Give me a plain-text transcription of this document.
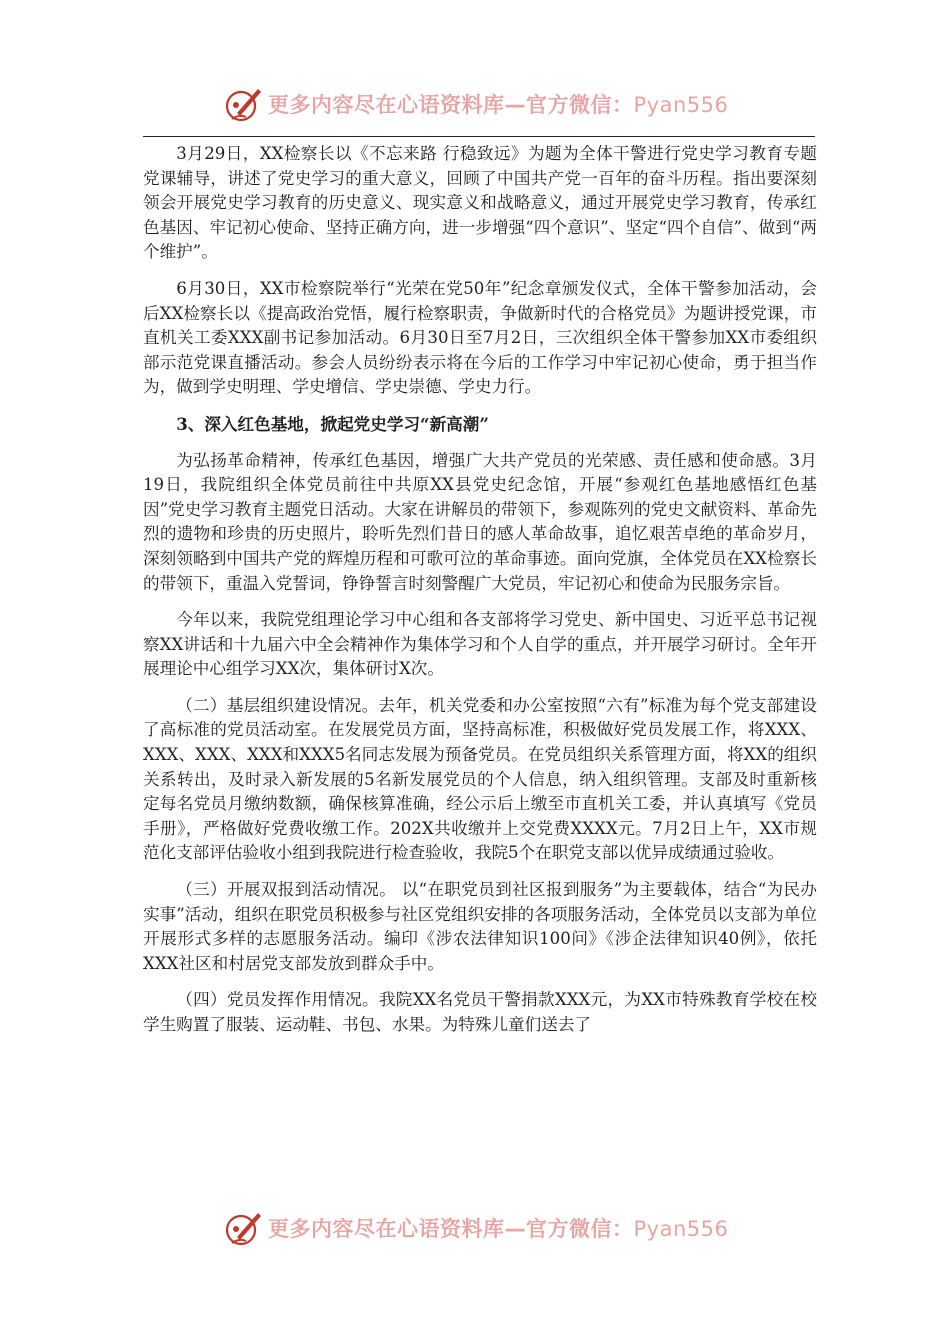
更多内容尽在心语资料库—官方微信：Pyan556

3月29日，XX检察长以《不忘来路 行稳致远》为题为全体干警进行党史学习教育专题党课辅导，讲述了党史学习的重大意义，回顾了中国共产党一百年的奋斗历程。指出要深刻领会开展党史学习教育的历史意义、现实意义和战略意义，通过开展党史学习教育，传承红色基因、牢记初心使命、坚持正确方向，进一步增强“四个意识”、坚定“四个自信”、做到“两个维护”。

6月30日，XX市检察院举行“光荣在党50年”纪念章颁发仪式，全体干警参加活动，会后XX检察长以《提高政治党悟，履行检察职责，争做新时代的合格党员》为题讲授党课，市直机关工委XXX副书记参加活动。6月30日至7月2日，三次组织全体干警参加XX市委组织部示范党课直播活动。参会人员纷纷表示将在今后的工作学习中牢记初心使命，勇于担当作为，做到学史明理、学史增信、学史崇德、学史力行。

3、深入红色基地，掀起党史学习“新高潮”

为弘扬革命精神，传承红色基因，增强广大共产党员的光荣感、责任感和使命感。3月19日，我院组织全体党员前往中共原XX县党史纪念馆，开展“参观红色基地感悟红色基因”党史学习教育主题党日活动。大家在讲解员的带领下，参观陈列的党史文献资料、革命先烈的遗物和珍贵的历史照片，聆听先烈们昔日的感人革命故事，追忆艰苦卓绝的革命岁月，深刻领略到中国共产党的辉煌历程和可歌可泣的革命事迹。面向党旗，全体党员在XX检察长的带领下，重温入党誓词，铮铮誓言时刻警醒广大党员，牢记初心和使命为民服务宗旨。

今年以来，我院党组理论学习中心组和各支部将学习党史、新中国史、习近平总书记视察XX讲话和十九届六中全会精神作为集体学习和个人自学的重点，并开展学习研讨。全年开展理论中心组学习XX次，集体研讨X次。

（二）基层组织建设情况。去年，机关党委和办公室按照“六有”标准为每个党支部建设了高标准的党员活动室。在发展党员方面，坚持高标准，积极做好党员发展工作，将XXX、XXX、XXX、XXX和XXX5名同志发展为预备党员。在党员组织关系管理方面，将XX的组织关系转出，及时录入新发展的5名新发展党员的个人信息，纳入组织管理。支部及时重新核定每名党员月缴纳数额，确保核算准确，经公示后上缴至市直机关工委，并认真填写《党员手册》，严格做好党费收缴工作。202X共收缴并上交党费XXXX元。7月2日上午，XX市规范化支部评估验收小组到我院进行检查验收，我院5个在职党支部以优异成绩通过验收。

（三）开展双报到活动情况。 以“在职党员到社区报到服务”为主要载体，结合“为民办实事”活动，组织在职党员积极参与社区党组织安排的各项服务活动，全体党员以支部为单位开展形式多样的志愿服务活动。编印《涉农法律知识100问》《涉企法律知识40例》，依托XXX社区和村居党支部发放到群众手中。

（四）党员发挥作用情况。我院XX名党员干警捐款XXX元，为XX市特殊教育学校在校学生购置了服装、运动鞋、书包、水果。为特殊儿童们送去了

更多内容尽在心语资料库—官方微信：Pyan556
